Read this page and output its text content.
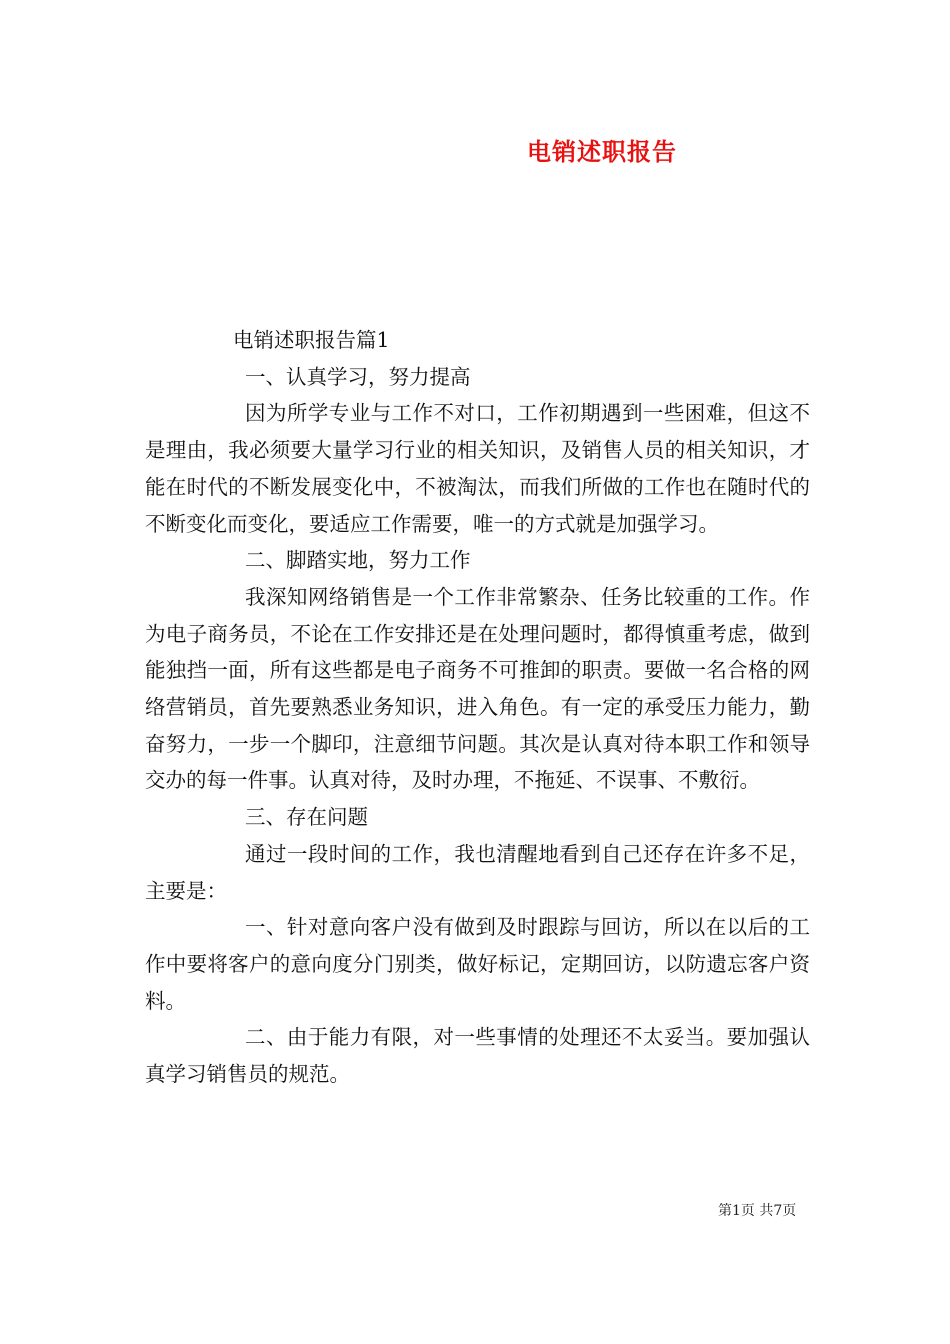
电销述职报告

电销述职报告篇1

一、认真学习，努力提高

因为所学专业与工作不对口，工作初期遇到一些困难，但这不是理由，我必须要大量学习行业的相关知识，及销售人员的相关知识，才能在时代的不断发展变化中，不被淘汰，而我们所做的工作也在随时代的不断变化而变化，要适应工作需要，唯一的方式就是加强学习。

二、脚踏实地，努力工作

我深知网络销售是一个工作非常繁杂、任务比较重的工作。作为电子商务员，不论在工作安排还是在处理问题时，都得慎重考虑，做到能独挡一面，所有这些都是电子商务不可推卸的职责。要做一名合格的网络营销员，首先要熟悉业务知识，进入角色。有一定的承受压力能力，勤奋努力，一步一个脚印，注意细节问题。其次是认真对待本职工作和领导交办的每一件事。认真对待，及时办理，不拖延、不误事、不敷衍。

三、存在问题

通过一段时间的工作，我也清醒地看到自己还存在许多不足，主要是：

一、针对意向客户没有做到及时跟踪与回访，所以在以后的工作中要将客户的意向度分门别类，做好标记，定期回访，以防遗忘客户资料。

二、由于能力有限，对一些事情的处理还不太妥当。要加强认真学习销售员的规范。

第1页 共7页
